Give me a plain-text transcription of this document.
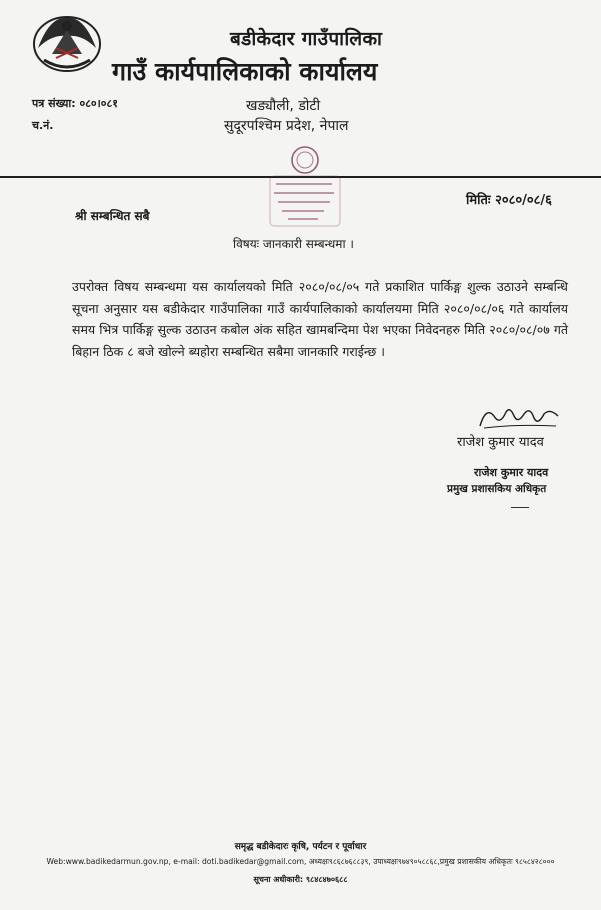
बडीकेदार गाउँपालिका
गाउँ कार्यपालिकाको कार्यालय
पत्र संख्या: ०८०।०८१
च.नं.
खड्यौली, डोटी
सुदूरपश्चिम प्रदेश, नेपाल
मितिः २०८०/०८/६
श्री सम्बन्धित सबै
विषयः जानकारी सम्बन्धमा ।
उपरोक्त विषय सम्बन्धमा यस कार्यालयको मिति २०८०/०८/०५ गते प्रकाशित पार्किङ्ग शुल्क उठाउने सम्बन्धि सूचना अनुसार यस बडीकेदार गाउँपालिका गाउँ कार्यपालिकाको कार्यालयमा मिति २०८०/०८/०६ गते कार्यालय समय भित्र पार्किङ्ग सुल्क उठाउन कबोल अंक सहित खामबन्दिमा पेश भएका निवेदनहरु मिति २०८०/०८/०७ गते बिहान ठिक ८ बजे खोल्ने ब्यहोरा सम्बन्धित सबैमा जानकारि गराईन्छ ।
राजेश कुमार यादव
राजेश कुमार यादव
प्रमुख प्रशासकिय अधिकृत
समृद्ध बडीकेदारः कृषि, पर्यटन र पूर्वाधार
Web:www.badikedarmun.gov.np, e-mail: doti.badikedar@gmail.com, अध्यक्षः९८६८७६८८३९, उपाध्यक्षः९७४९०५८८६८,प्रमुख प्रशासकीय अधिकृतः ९८५८४२८०००
सूचना अधीकारी: ९८४८४७०६८८
